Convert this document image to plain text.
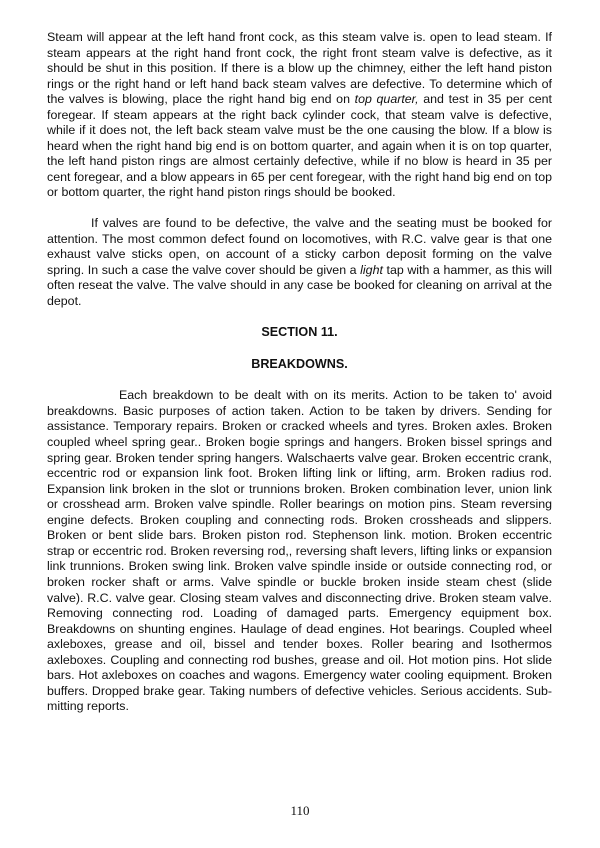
Steam will appear at the left hand front cock, as this steam valve is. open to lead steam. If steam appears at the right hand front cock, the right front steam valve is defective, as it should be shut in this position. If there is a blow up the chimney, either the left hand piston rings or the right hand or left hand back steam valves are defective. To determine which of the valves is blowing, place the right hand big end on top quarter, and test in 35 per cent foregear. If steam appears at the right back cylinder cock, that steam valve is defective, while if it does not, the left back steam valve must be the one causing the blow. If a blow is heard when the right hand big end is on bottom quarter, and again when it is on top quarter, the left hand piston rings are almost certainly defective, while if no blow is heard in 35 per cent foregear, and a blow appears in 65 per cent foregear, with the right hand big end on top or bottom quarter, the right hand piston rings should be booked.

If valves are found to be defective, the valve and the seating must be booked for attention. The most common defect found on locomotives, with R.C. valve gear is that one exhaust valve sticks open, on account of a sticky carbon deposit forming on the valve spring. In such a case the valve cover should be given a light tap with a hammer, as this will often reseat the valve. The valve should in any case be booked for cleaning on arrival at the depot.

SECTION 11.

BREAKDOWNS.

Each breakdown to be dealt with on its merits. Action to be taken to' avoid breakdowns. Basic purposes of action taken. Action to be taken by drivers. Sending for assistance. Temporary repairs. Broken or cracked wheels and tyres. Broken axles. Broken coupled wheel spring gear.. Broken bogie springs and hangers. Broken bissel springs and spring gear. Broken tender spring hangers. Walschaerts valve gear. Broken eccentric crank, eccentric rod or expansion link foot. Broken lifting link or lifting, arm. Broken radius rod. Expansion link broken in the slot or trunnions broken. Broken combination lever, union link or crosshead arm. Broken valve spindle. Roller bearings on motion pins. Steam reversing engine defects. Broken coupling and connecting rods. Broken crossheads and slippers. Broken or bent slide bars. Broken piston rod. Stephenson link. motion. Broken eccentric strap or eccentric rod. Broken reversing rod,, reversing shaft levers, lifting links or expansion link trunnions. Broken swing link. Broken valve spindle inside or outside connecting rod, or broken rocker shaft or arms. Valve spindle or buckle broken inside steam chest (slide valve). R.C. valve gear. Closing steam valves and disconnecting drive. Broken steam valve. Removing connecting rod. Loading of damaged parts. Emergency equipment box. Breakdowns on shunting engines. Haulage of dead engines. Hot bearings. Coupled wheel axleboxes, grease and oil, bissel and tender boxes. Roller bearing and Isothermos axleboxes. Coupling and connecting rod bushes, grease and oil. Hot motion pins. Hot slide bars. Hot axleboxes on coaches and wagons. Emergency water cooling equipment. Broken buffers. Dropped brake gear. Taking numbers of defective vehicles. Serious accidents. Sub-mitting reports.

110
